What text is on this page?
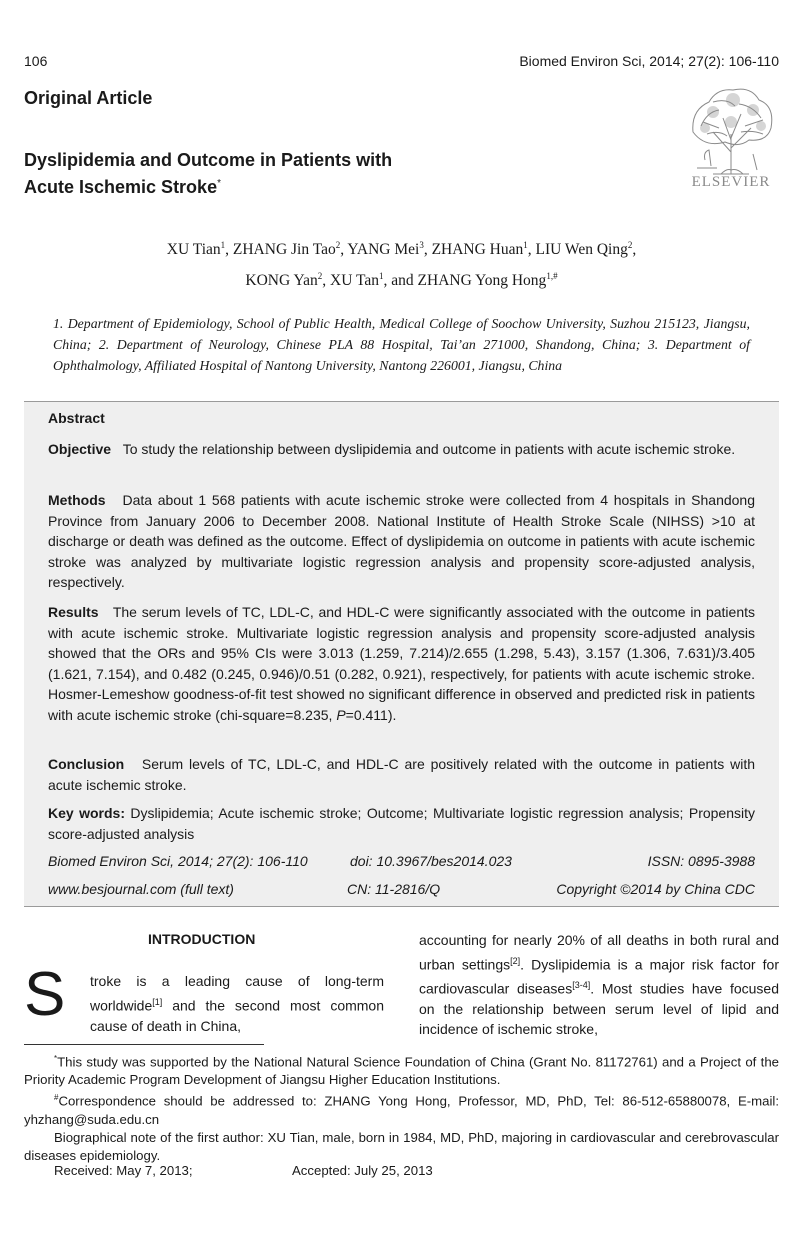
106	Biomed Environ Sci, 2014; 27(2): 106-110
Original Article
Dyslipidemia and Outcome in Patients with
Acute Ischemic Stroke*	ELSEVIER
XU Tian$^1$, ZHANG Jin Tao$^2$, YANG Mei$^3$, ZHANG Huan$^1$, LIU Wen Qing$^2$,
KONG Yan$^2$, XU Tan$^1$, and ZHANG Yong Hong$^{1,\#}$
1. Department of Epidemiology, School of Public Health, Medical College of Soochow University, Suzhou 215123, Jiangsu, China; 2. Department of Neurology, Chinese PLA 88 Hospital, Tai’an 271000, Shandong, China; 3. Department of Ophthalmology, Affiliated Hospital of Nantong University, Nantong 226001, Jiangsu, China
Abstract
Objective To study the relationship between dyslipidemia and outcome in patients with acute ischemic stroke.
Methods Data about 1 568 patients with acute ischemic stroke were collected from 4 hospitals in Shandong Province from January 2006 to December 2008. National Institute of Health Stroke Scale (NIHSS) >10 at discharge or death was defined as the outcome. Effect of dyslipidemia on outcome in patients with acute ischemic stroke was analyzed by multivariate logistic regression analysis and propensity score-adjusted analysis, respectively.
Results The serum levels of TC, LDL-C, and HDL-C were significantly associated with the outcome in patients with acute ischemic stroke. Multivariate logistic regression analysis and propensity score-adjusted analysis showed that the ORs and 95% CIs were 3.013 (1.259, 7.214)/2.655 (1.298, 5.43), 3.157 (1.306, 7.631)/3.405 (1.621, 7.154), and 0.482 (0.245, 0.946)/0.51 (0.282, 0.921), respectively, for patients with acute ischemic stroke. Hosmer-Lemeshow goodness-of-fit test showed no significant difference in observed and predicted risk in patients with acute ischemic stroke (chi-square=8.235, P=0.411).
Conclusion Serum levels of TC, LDL-C, and HDL-C are positively related with the outcome in patients with acute ischemic stroke.
Key words: Dyslipidemia; Acute ischemic stroke; Outcome; Multivariate logistic regression analysis; Propensity score-adjusted analysis
Biomed Environ Sci, 2014; 27(2): 106-110	doi: 10.3967/bes2014.023	ISSN: 0895-3988
www.besjournal.com (full text)	CN: 11-2816/Q	Copyright ©2014 by China CDC
INTRODUCTION
S	troke is a leading cause of long-term worldwide[1] and the second most common cause of death in China,
accounting for nearly 20% of all deaths in both rural and urban settings[2]. Dyslipidemia is a major risk factor for cardiovascular diseases[3-4]. Most studies have focused on the relationship between serum level of lipid and incidence of ischemic stroke,

*This study was supported by the National Natural Science Foundation of China (Grant No. 81172761) and a Project of the Priority Academic Program Development of Jiangsu Higher Education Institutions.

#Correspondence should be addressed to: ZHANG Yong Hong, Professor, MD, PhD, Tel: 86-512-65880078, E-mail: yhzhang@suda.edu.cn

Biographical note of the first author: XU Tian, male, born in 1984, MD, PhD, majoring in cardiovascular and cerebrovascular diseases epidemiology.

Received: May 7, 2013;	Accepted: July 25, 2013
